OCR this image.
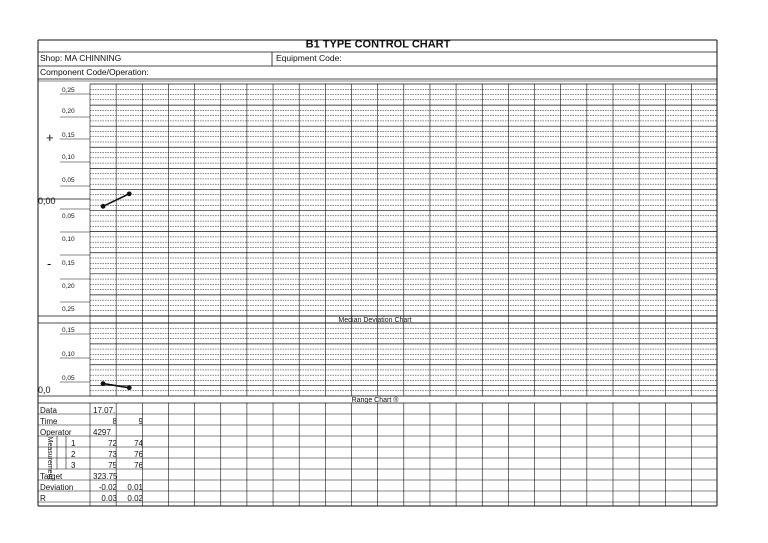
B1 TYPE CONTROL CHART
Shop: MA CHINNING	Equipment Code:
Component Code/Operation:
0,25
0,20
0,15
0,10
0,05
0,00
0,05
0,10
0,15
0,20
0,25
+
-
Median Deviation Chart
0,15
0,10
0,05
0,0
Range Chart ®
Data
Time
Operator
Measurement 1
2
3
Target
Deviation
R
17.07.
8	9
4297
72 74
73 76
75 76
323.75
-0.02 0.01
0.03 0.02
